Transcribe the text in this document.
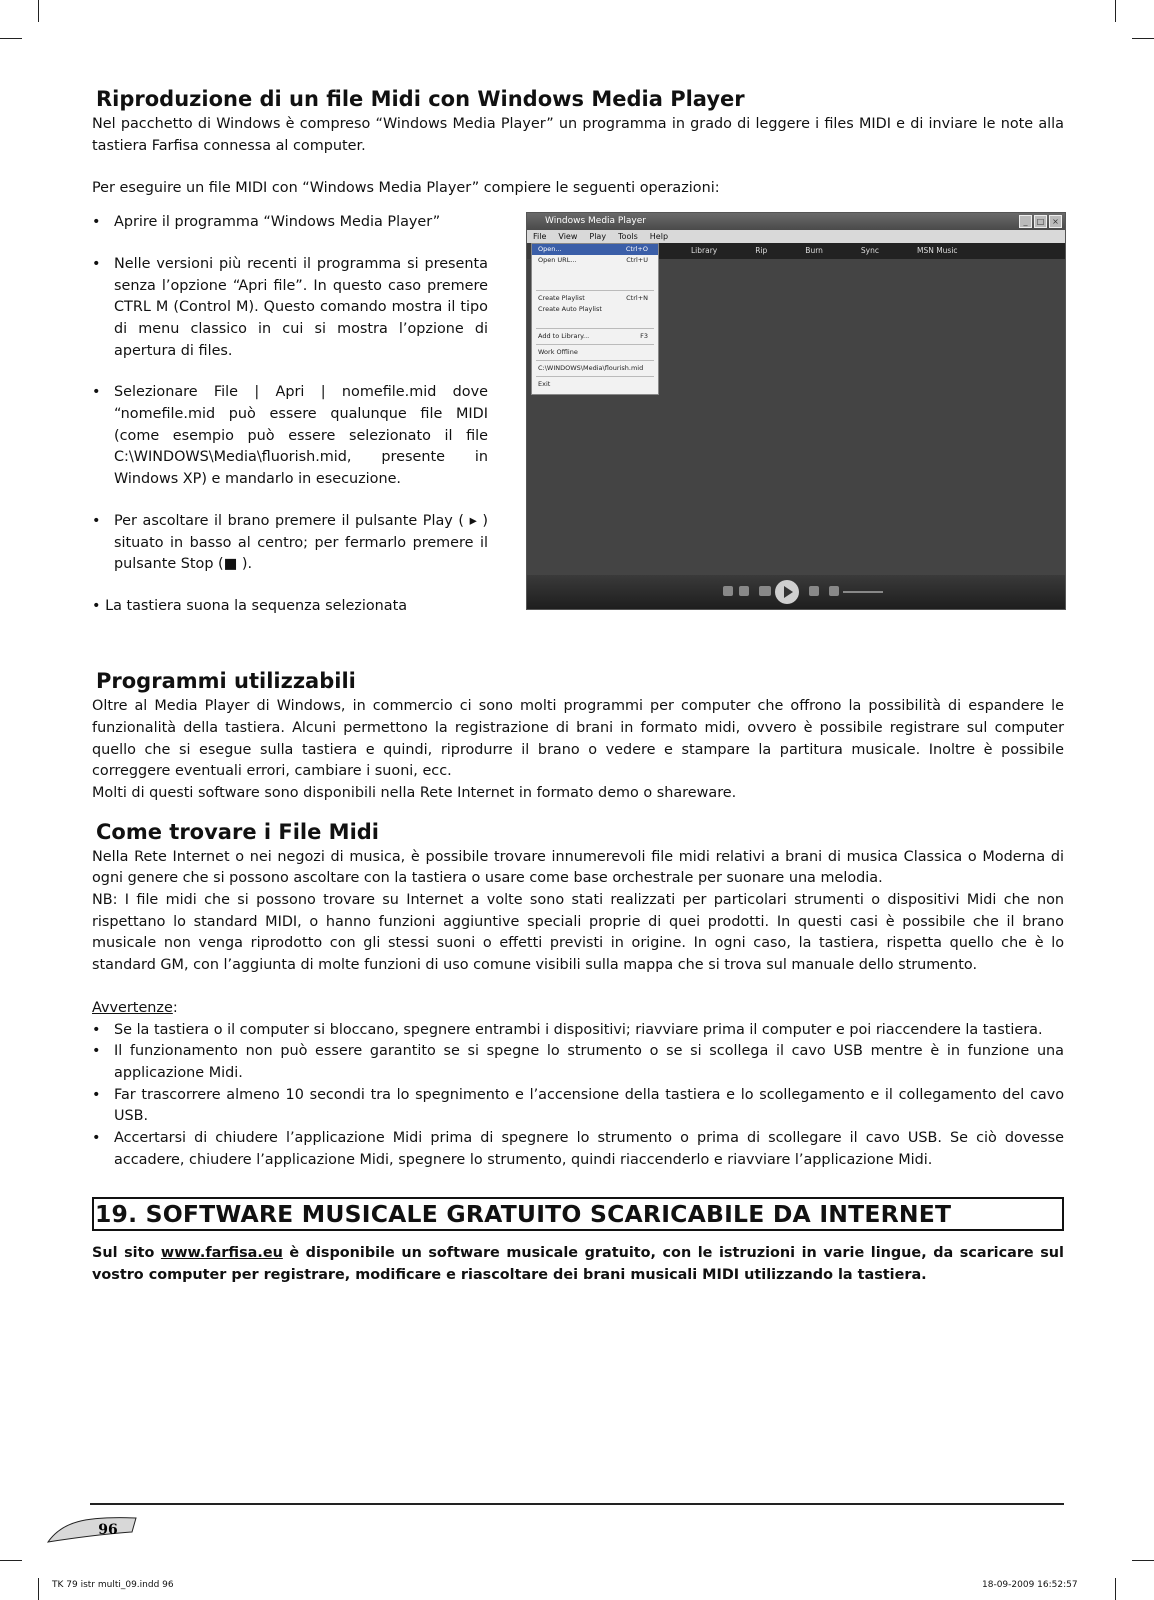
Riproduzione di un file Midi con Windows Media Player

Nel pacchetto di Windows è compreso “Windows Media Player” un programma in grado di leggere i files MIDI e di inviare le note alla tastiera Farfisa connessa al computer.

Per eseguire un file MIDI con “Windows Media Player” compiere le seguenti operazioni:

• Aprire il programma “Windows Media Player”
• Nelle versioni più recenti il programma si presenta senza l’opzione “Apri file”. In questo caso premere CTRL M (Control M). Questo comando mostra il tipo di menu classico in cui si mostra l’opzione di apertura di files.
• Selezionare File | Apri | nomefile.mid dove “nomefile.mid può essere qualunque file MIDI (come esempio può essere selezionato il file C:\WINDOWS\Media\fluorish.mid, presente in Windows XP) e mandarlo in esecuzione.
• Per ascoltare il brano premere il pulsante Play ( ▸ ) situato in basso al centro; per fermarlo premere il pulsante Stop (■ ).

• La tastiera suona la sequenza selezionata

Windows Media Player	_	□ ×
File View Play Tools Help
Library	Rip	Burn	Sync	MSN Music
Open...	Ctrl+O
Open URL...	Ctrl+U
Create Playlist	Ctrl+N
Create Auto Playlist
Add to Library...	F3
Work Offline
C:\WINDOWS\Media\flourish.mid
Exit
Programmi utilizzabili

Oltre al Media Player di Windows, in commercio ci sono molti programmi per computer che offrono la possibilità di espandere le funzionalità della tastiera. Alcuni permettono la registrazione di brani in formato midi, ovvero è possibile registrare sul computer quello che si esegue sulla tastiera e quindi, riprodurre il brano o vedere e stampare la partitura musicale. Inoltre è possibile correggere eventuali errori, cambiare i suoni, ecc.

Molti di questi software sono disponibili nella Rete Internet in formato demo o shareware.

Come trovare i File Midi

Nella Rete Internet o nei negozi di musica, è possibile trovare innumerevoli file midi relativi a brani di musica Classica o Moderna di ogni genere che si possono ascoltare con la tastiera o usare come base orchestrale per suonare una melodia.

NB: I file midi che si possono trovare su Internet a volte sono stati realizzati per particolari strumenti o dispositivi Midi che non rispettano lo standard MIDI, o hanno funzioni aggiuntive speciali proprie di quei prodotti. In questi casi è possibile che il brano musicale non venga riprodotto con gli stessi suoni o effetti previsti in origine. In ogni caso, la tastiera, rispetta quello che è lo standard GM, con l’aggiunta di molte funzioni di uso comune visibili sulla mappa che si trova sul manuale dello strumento.

Avvertenze:

• Se la tastiera o il computer si bloccano, spegnere entrambi i dispositivi; riavviare prima il computer e poi riaccendere la tastiera.
• Il funzionamento non può essere garantito se si spegne lo strumento o se si scollega il cavo USB mentre è in funzione una applicazione Midi.
• Far trascorrere almeno 10 secondi tra lo spegnimento e l’accensione della tastiera e lo scollegamento e il collegamento del cavo USB.
• Accertarsi di chiudere l’applicazione Midi prima di spegnere lo strumento o prima di scollegare il cavo USB. Se ciò dovesse accadere, chiudere l’applicazione Midi, spegnere lo strumento, quindi riaccenderlo e riavviare l’applicazione Midi.
19. SOFTWARE MUSICALE GRATUITO SCARICABILE DA INTERNET
Sul sito www.farfisa.eu è disponibile un software musicale gratuito, con le istruzioni in varie lingue, da scaricare sul vostro computer per registrare, modificare e riascoltare dei brani musicali MIDI utilizzando la tastiera.
96
TK 79 istr multi_09.indd 96	18-09-2009 16:52:57
